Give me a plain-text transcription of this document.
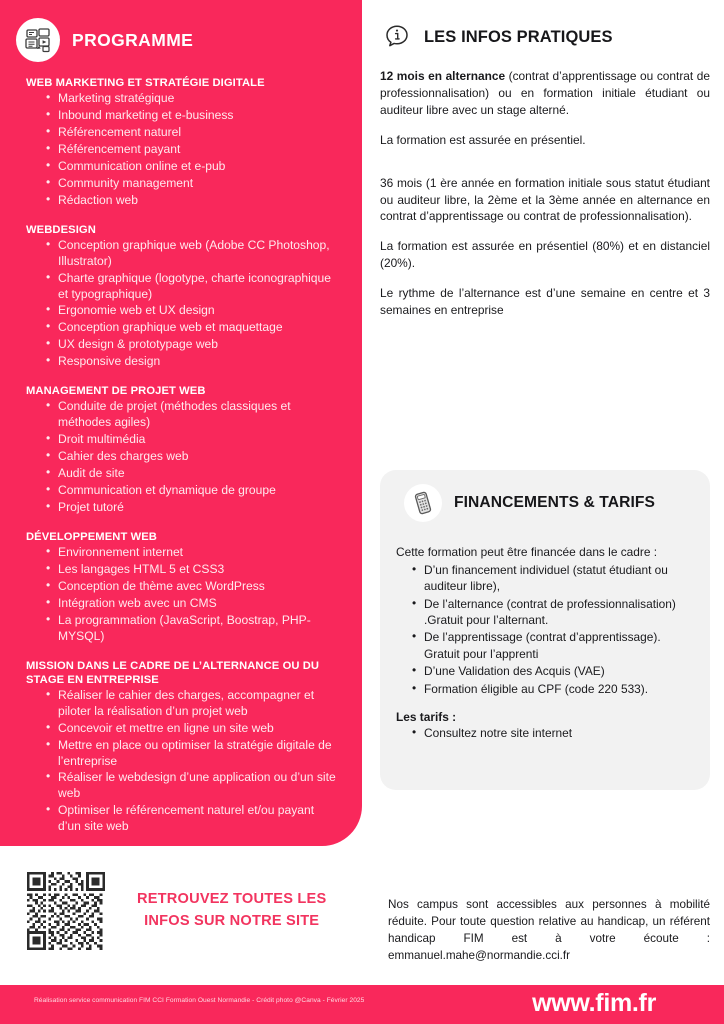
PROGRAMME
WEB MARKETING ET STRATÉGIE DIGITALE
• Marketing stratégique
• Inbound marketing et e-business
• Référencement naturel
• Référencement payant
• Communication online et e-pub
• Community management
• Rédaction web
WEBDESIGN
• Conception graphique web (Adobe CC Photoshop, Illustrator)
• Charte graphique (logotype, charte iconographique et typographique)
• Ergonomie web et UX design
• Conception graphique web et maquettage
• UX design & prototypage web
• Responsive design
MANAGEMENT DE PROJET WEB
• Conduite de projet (méthodes classiques et méthodes agiles)
• Droit multimédia
• Cahier des charges web
• Audit de site
• Communication et dynamique de groupe
• Projet tutoré
DÉVELOPPEMENT WEB
• Environnement internet
• Les langages HTML 5 et CSS3
• Conception de thème avec WordPress
• Intégration web avec un CMS
• La programmation (JavaScript, Boostrap, PHP-MYSQL)
MISSION DANS LE CADRE DE L’ALTERNANCE OU DU STAGE EN ENTREPRISE
• Réaliser le cahier des charges, accompagner et piloter la réalisation d’un projet web
• Concevoir et mettre en ligne un site web
• Mettre en place ou optimiser la stratégie digitale de l’entreprise
• Réaliser le webdesign d’une application ou d’un site web
• Optimiser le référencement naturel et/ou payant d’un site web
LES INFOS PRATIQUES

12 mois en alternance (contrat d’apprentissage ou contrat de professionnalisation) ou en formation initiale étudiant ou auditeur libre avec un stage alterné.

La formation est assurée en présentiel.

36 mois (1 ère année en formation initiale sous statut étudiant ou auditeur libre, la 2ème et la 3ème année en alternance en contrat d’apprentissage ou contrat de professionnalisation).

La formation est assurée en présentiel (80%) et en distanciel (20%).

Le rythme de l’alternance est d’une semaine en centre et 3 semaines en entreprise

FINANCEMENTS & TARIFS

Cette formation peut être financée dans le cadre :

• D’un financement individuel (statut étudiant ou auditeur libre),
• De l’alternance (contrat de professionnalisation) .Gratuit pour l’alternant.
• De l’apprentissage (contrat d’apprentissage). Gratuit pour l’apprenti
• D’une Validation des Acquis (VAE)
• Formation éligible au CPF (code 220 533).

Les tarifs :

• Consultez notre site internet
RETROUVEZ TOUTES LES
INFOS SUR NOTRE SITE
Nos campus sont accessibles aux personnes à mobilité réduite. Pour toute question relative au handicap, un référent handicap FIM est à votre écoute : emmanuel.mahe@normandie.cci.fr
Réalisation service communication FIM CCI Formation Ouest Normandie - Crédit photo @Canva - Février 2025	www.fim.fr
